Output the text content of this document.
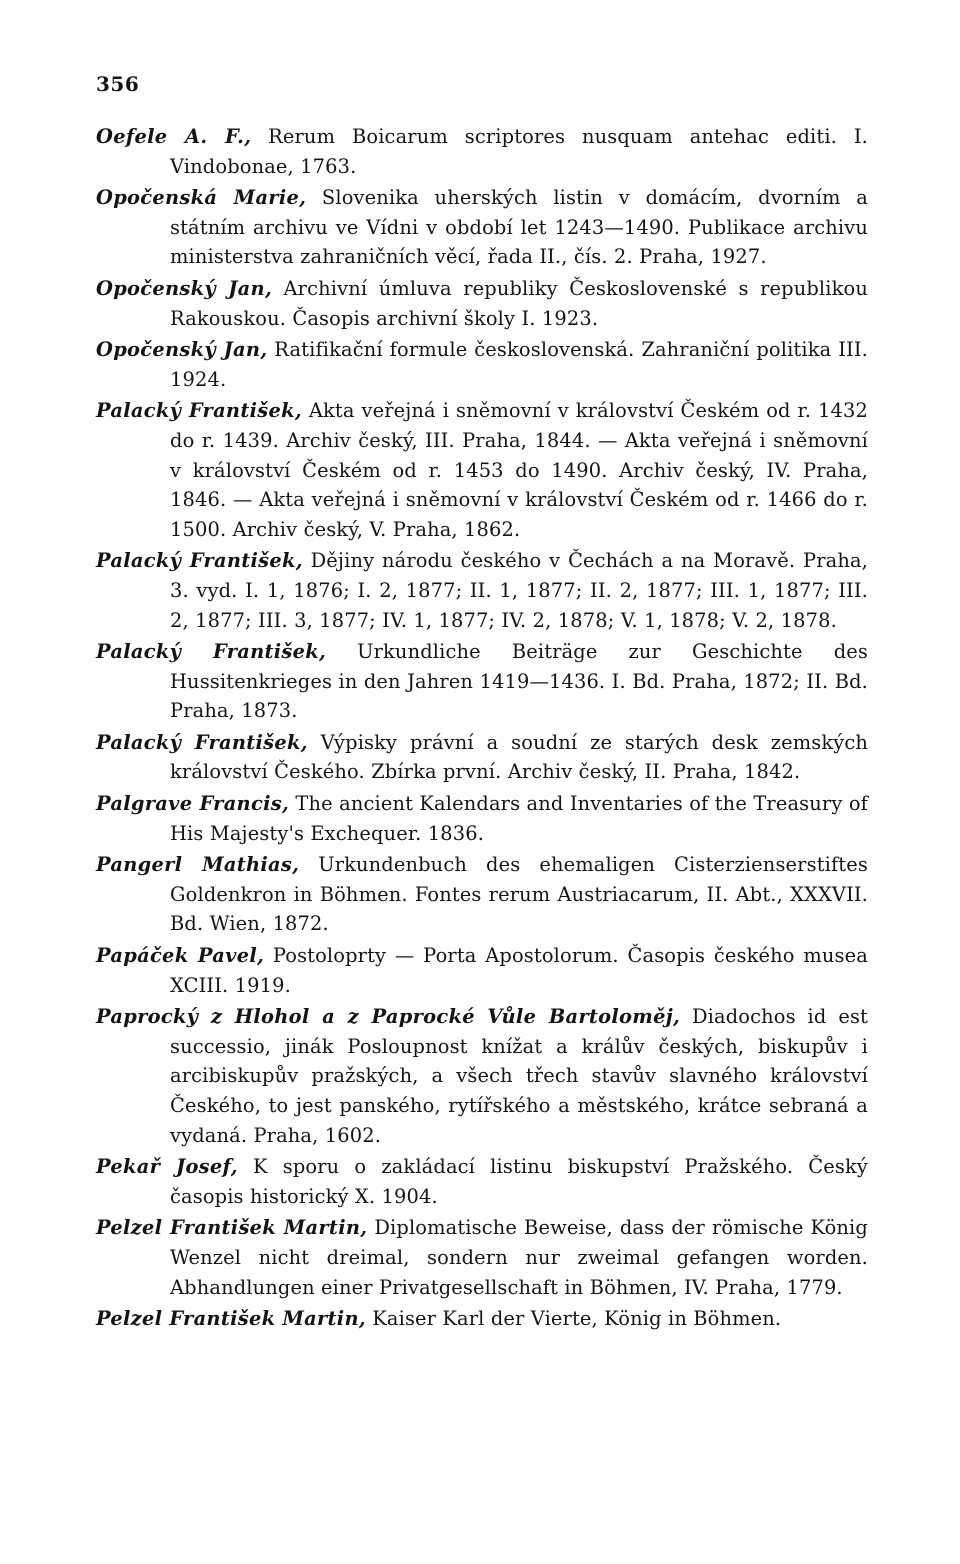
356

Oefele A. F., Rerum Boicarum scriptores nusquam antehac editi. I. Vindobonae, 1763.

Opočenská Marie, Slovenika uherských listin v domácím, dvorním a státním archivu ve Vídni v období let 1243—1490. Publikace archivu ministerstva zahraničních věcí, řada II., čís. 2. Praha, 1927.

Opočenský Jan, Archivní úmluva republiky Československé s republikou Rakouskou. Časopis archivní školy I. 1923.

Opočenský Jan, Ratifikační formule československá. Zahraniční politika III. 1924.

Palacký František, Akta veřejná i sněmovní v království Českém od r. 1432 do r. 1439. Archiv český, III. Praha, 1844. — Akta veřejná i sněmovní v království Českém od r. 1453 do 1490. Archiv český, IV. Praha, 1846. — Akta veřejná i sněmovní v království Českém od r. 1466 do r. 1500. Archiv český, V. Praha, 1862.

Palacký František, Dějiny národu českého v Čechách a na Moravě. Praha, 3. vyd. I. 1, 1876; I. 2, 1877; II. 1, 1877; II. 2, 1877; III. 1, 1877; III. 2, 1877; III. 3, 1877; IV. 1, 1877; IV. 2, 1878; V. 1, 1878; V. 2, 1878.

Palacký František, Urkundliche Beiträge zur Geschichte des Hussitenkrieges in den Jahren 1419—1436. I. Bd. Praha, 1872; II. Bd. Praha, 1873.

Palacký František, Výpisky právní a soudní ze starých desk zemských království Českého. Zbírka první. Archiv český, II. Praha, 1842.

Palgrave Francis, The ancient Kalendars and Inventaries of the Treasury of His Majesty's Exchequer. 1836.

Pangerl Mathias, Urkundenbuch des ehemaligen Cisterzienserstiftes Goldenkron in Böhmen. Fontes rerum Austriacarum, II. Abt., XXXVII. Bd. Wien, 1872.

Papáček Pavel, Postoloprty — Porta Apostolorum. Časopis českého musea XCIII. 1919.

Paprocký z Hlohol a z Paprocké Vůle Bartoloměj, Diadochos id est successio, jinák Posloupnost knížat a králův českých, biskupův i arcibiskupův pražských, a všech třech stavův slavného království Českého, to jest panského, rytířského a městského, krátce sebraná a vydaná. Praha, 1602.

Pekař Josef, K sporu o zakládací listinu biskupství Pražského. Český časopis historický X. 1904.

Pelzel František Martin, Diplomatische Beweise, dass der römische König Wenzel nicht dreimal, sondern nur zweimal gefangen worden. Abhandlungen einer Privatgesellschaft in Böhmen, IV. Praha, 1779.

Pelzel František Martin, Kaiser Karl der Vierte, König in Böhmen.
